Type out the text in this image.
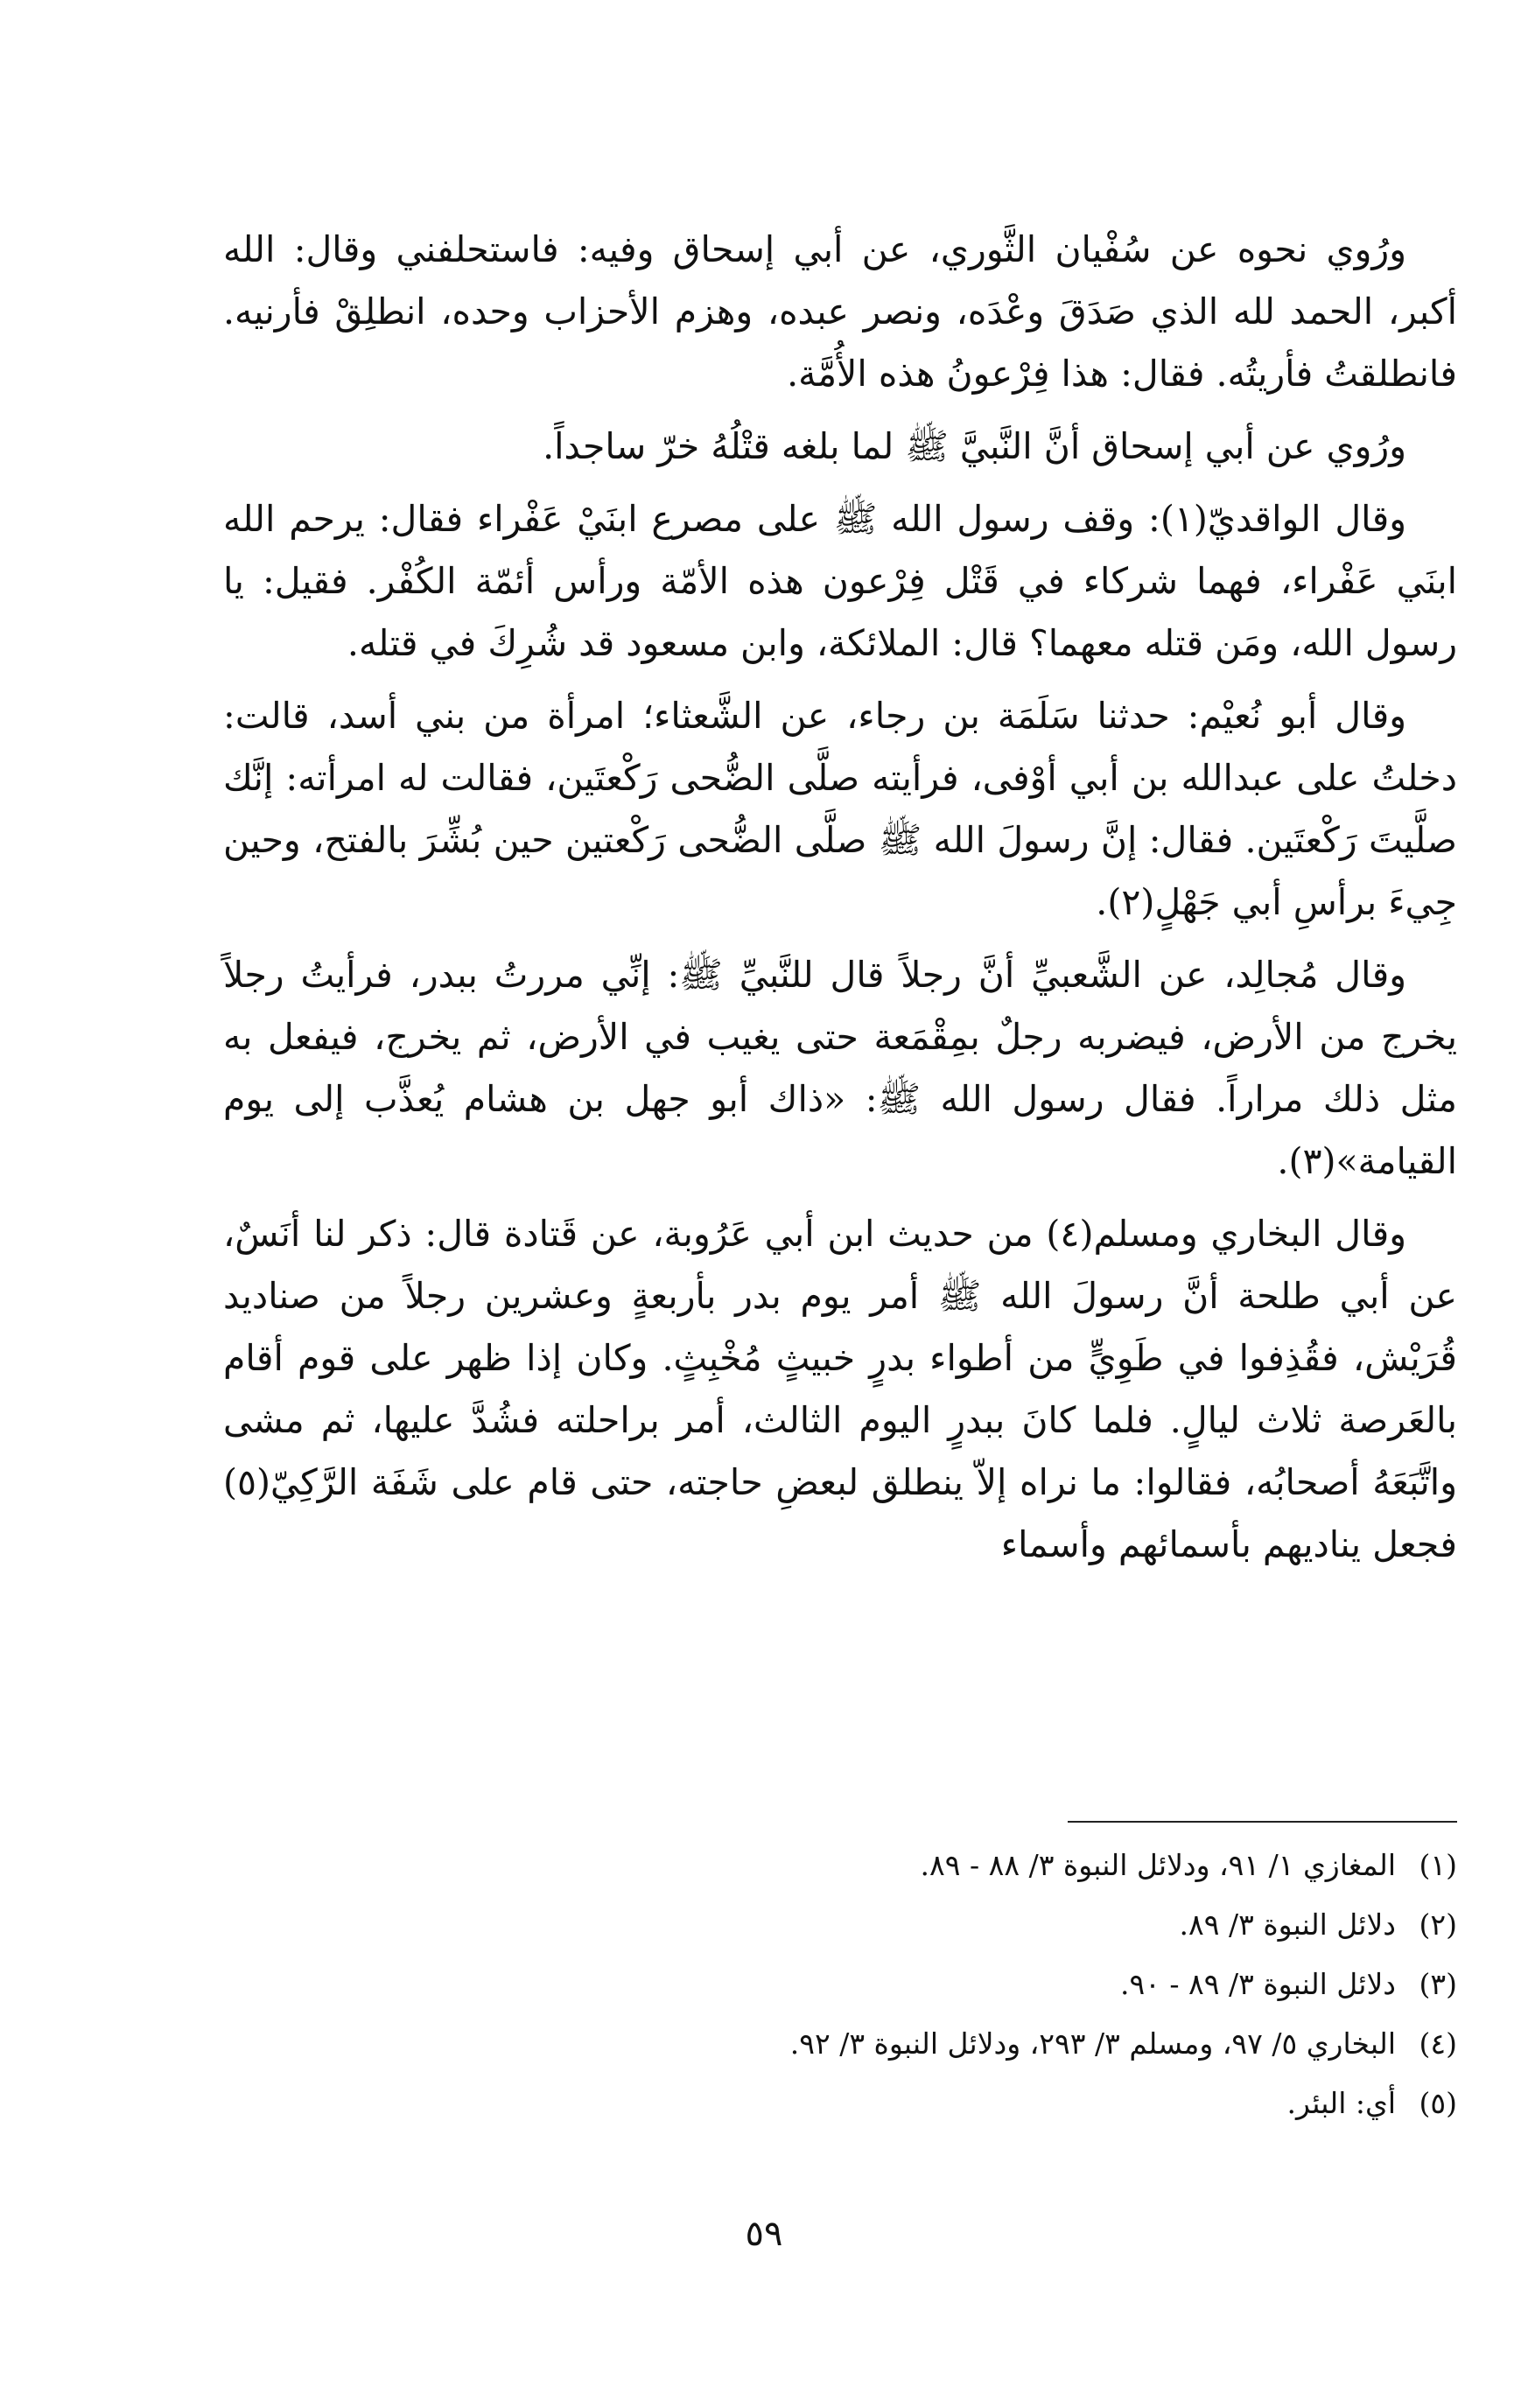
ورُوي نحوه عن سُفْيان الثَّوري، عن أبي إسحاق وفيه: فاستحلفني وقال: الله أكبر، الحمد لله الذي صَدَقَ وعْدَه، ونصر عبده، وهزم الأحزاب وحده، انطلِقْ فأرنيه. فانطلقتُ فأريتُه. فقال: هذا فِرْعونُ هذه الأُمَّة.

ورُوي عن أبي إسحاق أنَّ النَّبيَّ ﷺ لما بلغه قتْلُهُ خرّ ساجداً.

وقال الواقديّ(١): وقف رسول الله ﷺ على مصرع ابنَيْ عَفْراء فقال: يرحم الله ابنَي عَفْراء، فهما شركاء في قَتْل فِرْعون هذه الأمّة ورأس أئمّة الكُفْر. فقيل: يا رسول الله، ومَن قتله معهما؟ قال: الملائكة، وابن مسعود قد شُرِكَ في قتله.

وقال أبو نُعيْم: حدثنا سَلَمَة بن رجاء، عن الشَّعثاء؛ امرأة من بني أسد، قالت: دخلتُ على عبدالله بن أبي أوْفى، فرأيته صلَّى الضُّحى رَكْعتَين، فقالت له امرأته: إنَّك صلَّيتَ رَكْعتَين. فقال: إنَّ رسولَ الله ﷺ صلَّى الضُّحى رَكْعتين حين بُشِّرَ بالفتح، وحين جِيءَ برأسِ أبي جَهْلٍ(٢).

وقال مُجالِد، عن الشَّعبيِّ أنَّ رجلاً قال للنَّبيِّ ﷺ: إنِّي مررتُ ببدر، فرأيتُ رجلاً يخرج من الأرض، فيضربه رجلٌ بمِقْمَعة حتى يغيب في الأرض، ثم يخرج، فيفعل به مثل ذلك مراراً. فقال رسول الله ﷺ: «ذاك أبو جهل بن هشام يُعذَّب إلى يوم القيامة»(٣).

وقال البخاري ومسلم(٤) من حديث ابن أبي عَرُوبة، عن قَتادة قال: ذكر لنا أنَسٌ، عن أبي طلحة أنَّ رسولَ الله ﷺ أمر يوم بدر بأربعةٍ وعشرين رجلاً من صناديد قُرَيْش، فقُذِفوا في طَوِيٍّ من أطواء بدرٍ خبيثٍ مُخْبِثٍ. وكان إذا ظهر على قوم أقام بالعَرصة ثلاث ليالٍ. فلما كانَ ببدرٍ اليوم الثالث، أمر براحلته فشُدَّ عليها، ثم مشى واتَّبَعَهُ أصحابُه، فقالوا: ما نراه إلاّ ينطلق لبعضِ حاجته، حتى قام على شَفَة الرَّكِيّ(٥) فجعل يناديهم بأسمائهم وأسماء

(١)
المغازي ١/ ٩١، ودلائل النبوة ٣/ ٨٨ - ٨٩.
(٢)
دلائل النبوة ٣/ ٨٩.
(٣)
دلائل النبوة ٣/ ٨٩ - ٩٠.
(٤)
البخاري ٥/ ٩٧، ومسلم ٣/ ٢٩٣، ودلائل النبوة ٣/ ٩٢.
(٥)
أي: البئر.
٥٩
